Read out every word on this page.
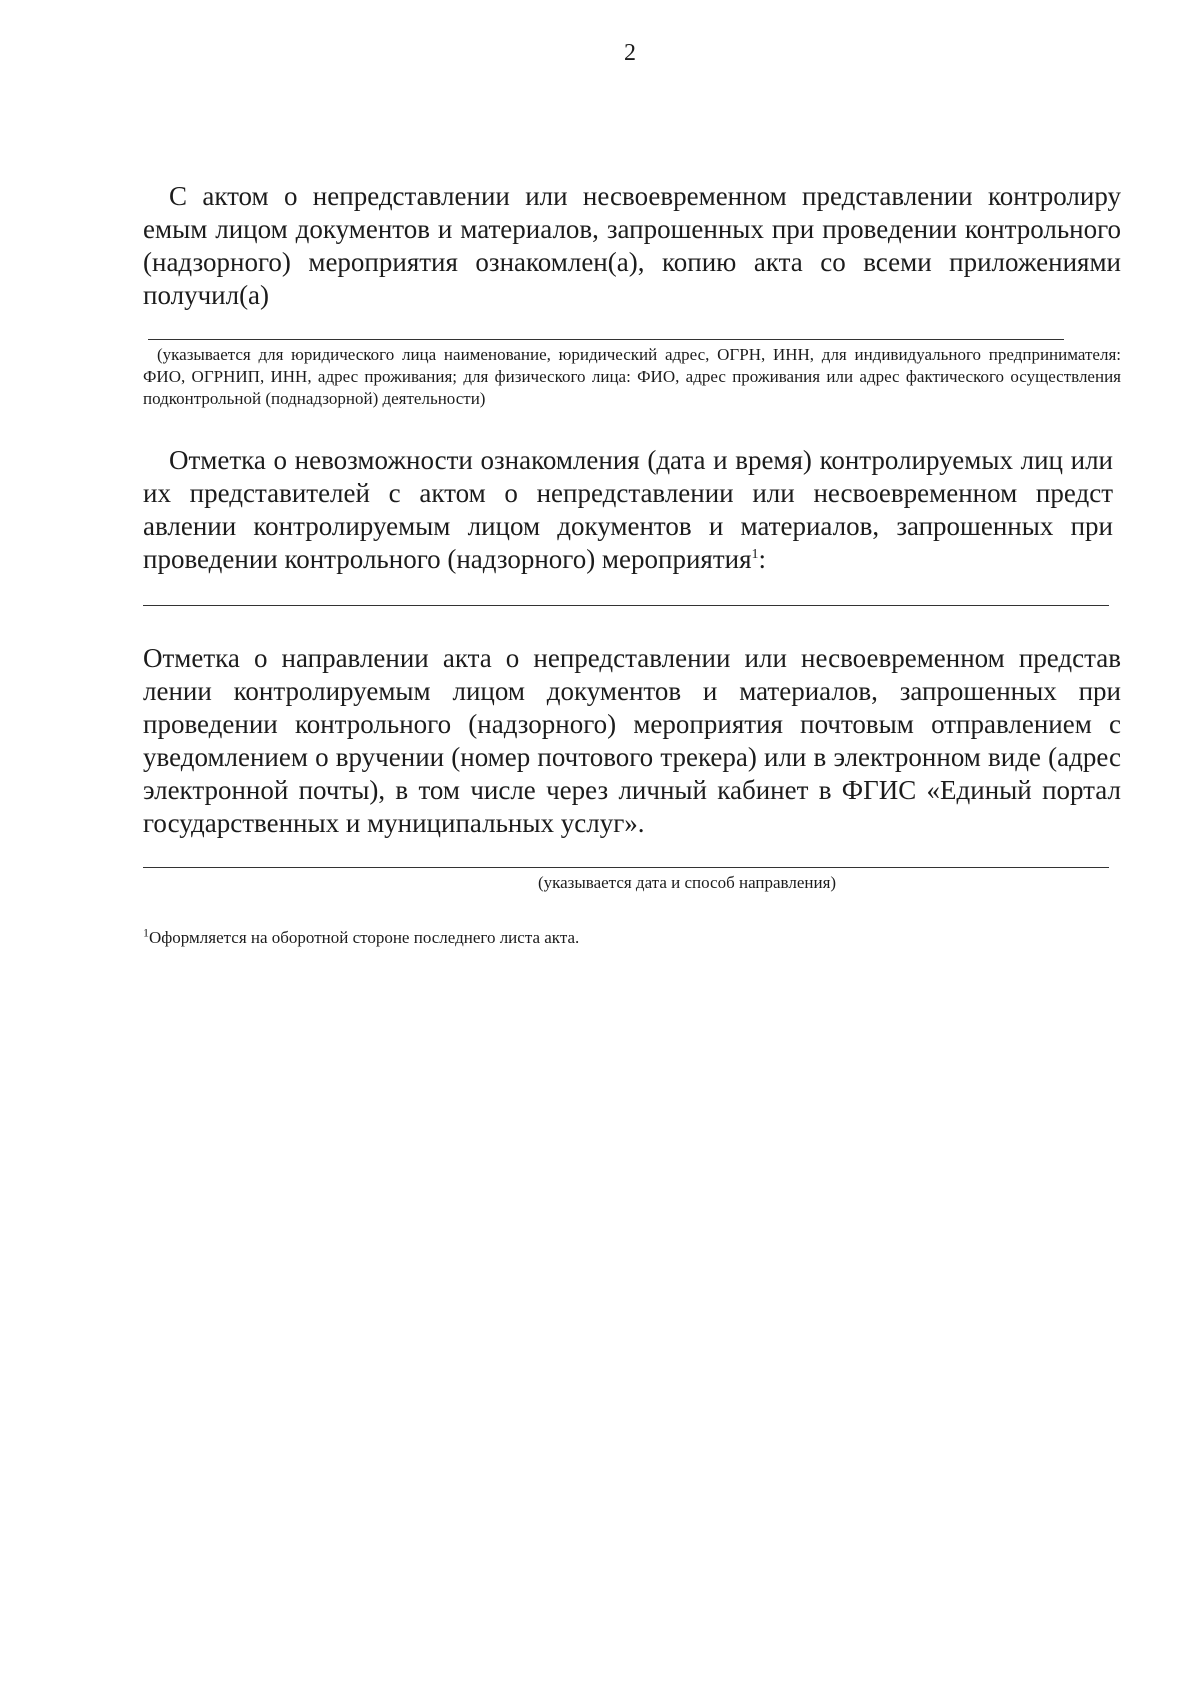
2

С актом о непредставлении или несвоевременном представлении контролиру емым лицом документов и материалов, запрошенных при проведении контрольного (надзорного) мероприятия ознакомлен(а), копию акта со всеми приложениями получил(а)

(указывается для юридического лица наименование, юридический адрес, ОГРН, ИНН, для индивидуального предпринимателя: ФИО, ОГРНИП, ИНН, адрес проживания; для физического лица: ФИО, адрес проживания или адрес фактического осуществления подконтрольной (поднадзорной) деятельности)

Отметка о невозможности ознакомления (дата и время) контролируемых лиц или их представителей с актом о непредставлении или несвоевременном предст авлении контролируемым лицом документов и материалов, запрошенных при проведении контрольного (надзорного) мероприятия$^1$:

Отметка о направлении акта о непредставлении или несвоевременном представ лении контролируемым лицом документов и материалов, запрошенных при проведении контрольного (надзорного) мероприятия почтовым отправлением с уведомлением о вручении (номер почтового трекера) или в электронном виде (адрес электронной почты), в том числе через личный кабинет в ФГИС «Единый портал государственных и муниципальных услуг».

(указывается дата и способ направления)

$^1$Оформляется на оборотной стороне последнего листа акта.
